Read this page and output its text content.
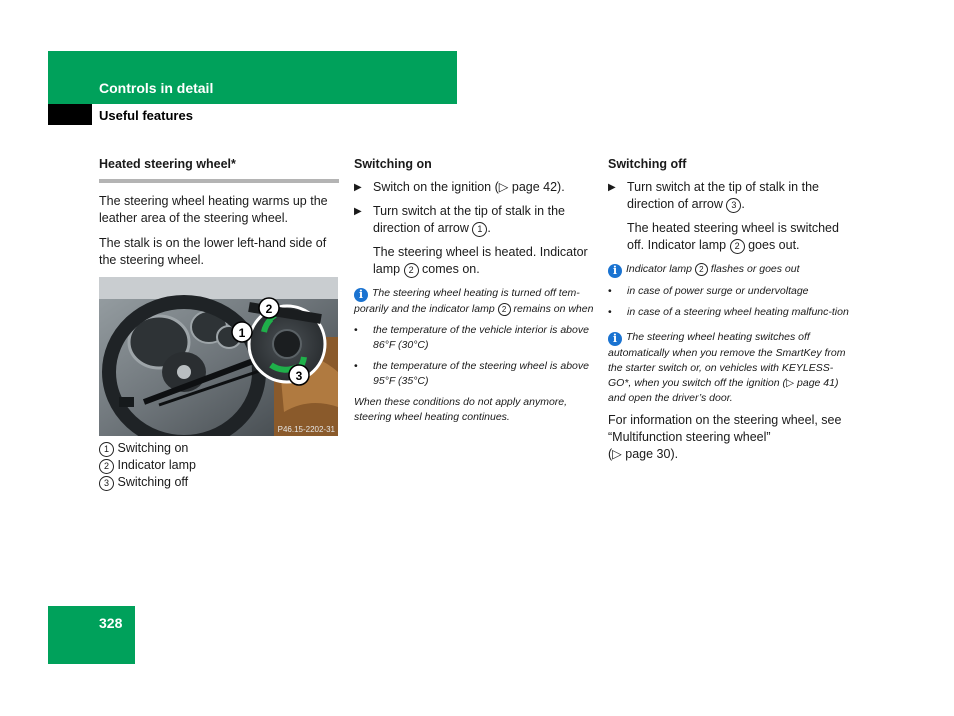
Controls in detail
Useful features
Heated steering wheel*

The steering wheel heating warms up the leather area of the steering wheel.

The stalk is on the lower left-hand side of the steering wheel.

1
2
3
P46.15-2202-31
1 Switching on
2 Indicator lamp
3 Switching off
Switching on
▶ Switch on the ignition (▷ page 42).
▶ Turn switch at the tip of stalk in the direction of arrow 1 .

The steering wheel is heated. Indicator lamp 2 comes on.

i The steering wheel heating is turned off tem-porarily and the indicator lamp 2 remains on when

• the temperature of the vehicle interior is above 86°F (30°C)
• the temperature of the steering wheel is above 95°F (35°C)

When these conditions do not apply anymore, steering wheel heating continues.

Switching off
▶ Turn switch at the tip of stalk in the direction of arrow 3 .

The heated steering wheel is switched off. Indicator lamp 2 goes out.

i Indicator lamp 2 flashes or goes out

• in case of power surge or undervoltage
• in case of a steering wheel heating malfunc-tion

i The steering wheel heating switches off automatically when you remove the SmartKey from the starter switch or, on vehicles with KEYLESS-GO*, when you switch off the ignition (▷ page 41) and open the driver’s door.

For information on the steering wheel, see “Multifunction steering wheel”
(▷ page 30).

328
